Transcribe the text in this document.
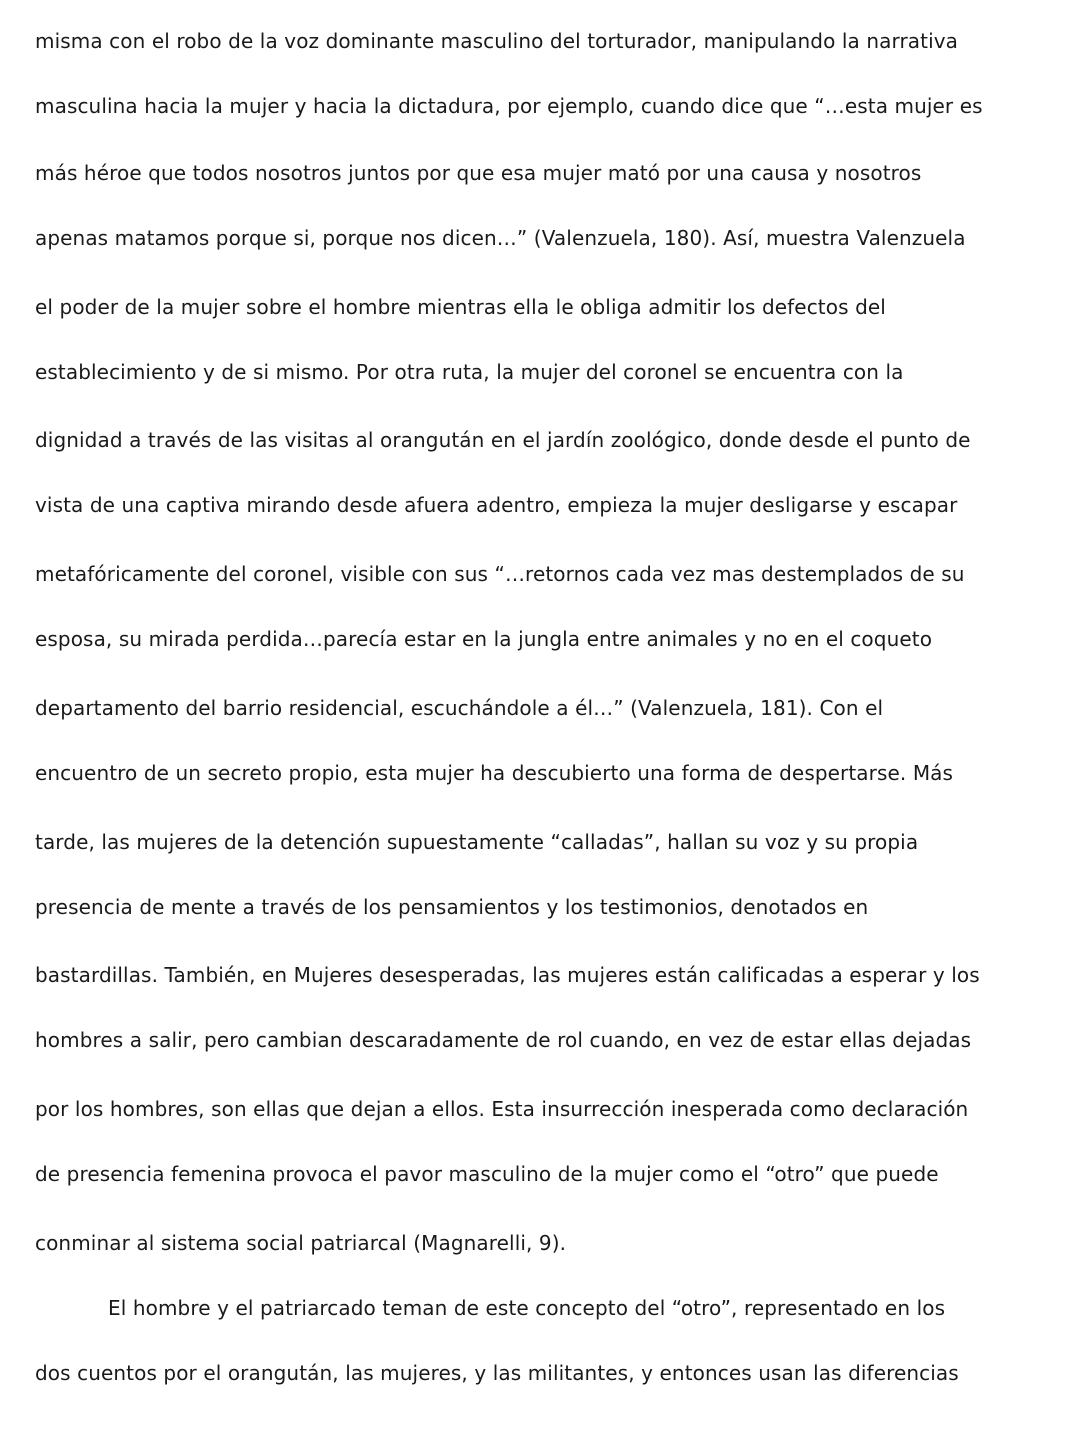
misma con el robo de la voz dominante masculino del torturador, manipulando la narrativa
masculina hacia la mujer y hacia la dictadura, por ejemplo, cuando dice que “…esta mujer es
más héroe que todos nosotros juntos por que esa mujer mató por una causa y nosotros
apenas matamos porque si, porque nos dicen…” (Valenzuela, 180). Así, muestra Valenzuela
el poder de la mujer sobre el hombre mientras ella le obliga admitir los defectos del
establecimiento y de si mismo. Por otra ruta, la mujer del coronel se encuentra con la
dignidad a través de las visitas al orangután en el jardín zoológico, donde desde el punto de
vista de una captiva mirando desde afuera adentro, empieza la mujer desligarse y escapar
metafóricamente del coronel, visible con sus “…retornos cada vez mas destemplados de su
esposa, su mirada perdida…parecía estar en la jungla entre animales y no en el coqueto
departamento del barrio residencial, escuchándole a él…” (Valenzuela, 181). Con el
encuentro de un secreto propio, esta mujer ha descubierto una forma de despertarse. Más
tarde, las mujeres de la detención supuestamente “calladas”, hallan su voz y su propia
presencia de mente a través de los pensamientos y los testimonios, denotados en
bastardillas. También, en Mujeres desesperadas, las mujeres están calificadas a esperar y los
hombres a salir, pero cambian descaradamente de rol cuando, en vez de estar ellas dejadas
por los hombres, son ellas que dejan a ellos. Esta insurrección inesperada como declaración
de presencia femenina provoca el pavor masculino de la mujer como el “otro” que puede
conminar al sistema social patriarcal (Magnarelli, 9).
El hombre y el patriarcado teman de este concepto del “otro”, representado en los
dos cuentos por el orangután, las mujeres, y las militantes, y entonces usan las diferencias
